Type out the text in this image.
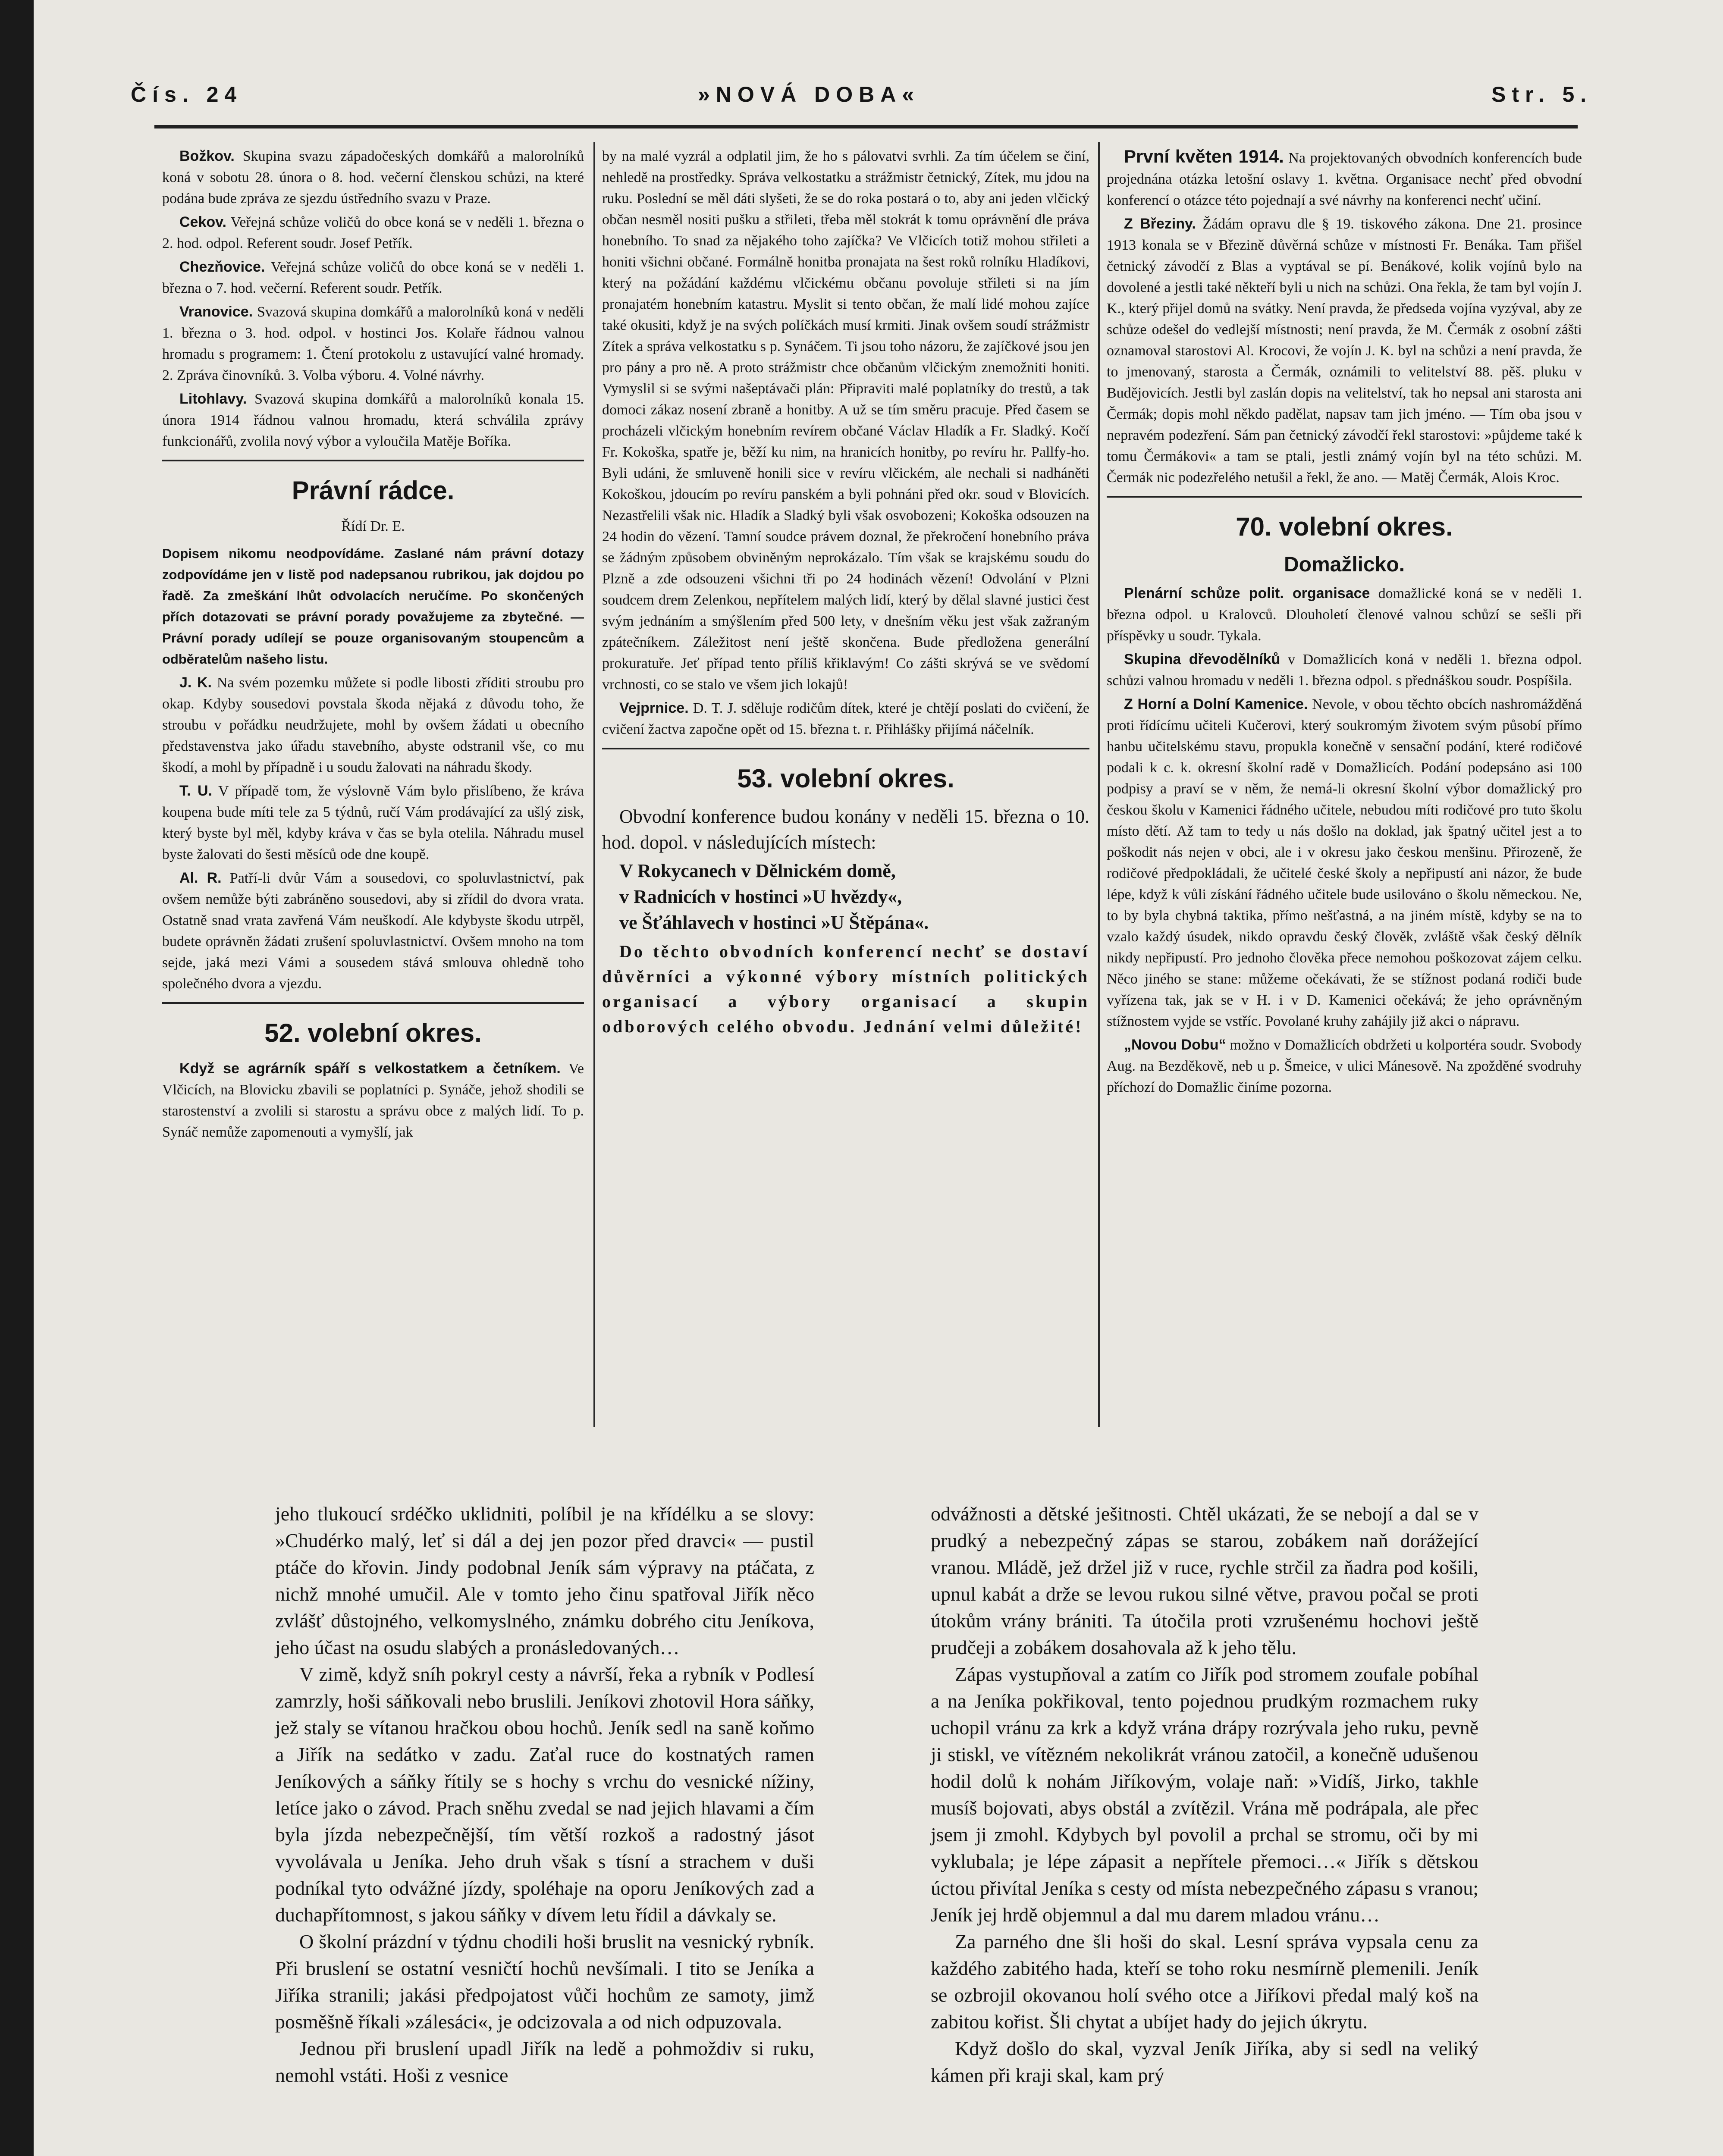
Čís. 24	»NOVÁ DOBA«	Str. 5.

Božkov. Skupina svazu západočeských domkářů a malorolníků koná v sobotu 28. února o 8. hod. večerní členskou schůzi, na které podána bude zpráva ze sjezdu ústředního svazu v Praze.

Cekov. Veřejná schůze voličů do obce koná se v neděli 1. března o 2. hod. odpol. Referent soudr. Josef Petřík.

Chezňovice. Veřejná schůze voličů do obce koná se v neděli 1. března o 7. hod. večerní. Referent soudr. Petřík.

Vranovice. Svazová skupina domkářů a malorolníků koná v neděli 1. března o 3. hod. odpol. v hostinci Jos. Kolaře řádnou valnou hromadu s programem: 1. Čtení protokolu z ustavující valné hromady. 2. Zpráva činovníků. 3. Volba výboru. 4. Volné návrhy.

Litohlavy. Svazová skupina domkářů a malorolníků konala 15. února 1914 řádnou valnou hromadu, která schválila zprávy funkcionářů, zvolila nový výbor a vyloučila Matěje Boříka.

Právní rádce.
Řídí Dr. E.

Dopisem nikomu neodpovídáme. Zaslané nám právní dotazy zodpovídáme jen v listě pod nadepsanou rubrikou, jak dojdou po řadě. Za zmeškání lhůt odvolacích neručíme. Po skončených přích dotazovati se právní porady považujeme za zbytečné. — Právní porady udílejí se pouze organisovaným stoupencům a odběratelům našeho listu.

J. K. Na svém pozemku můžete si podle libosti zříditi stroubu pro okap. Kdyby sousedovi povstala škoda nějaká z důvodu toho, že stroubu v pořádku neudržujete, mohl by ovšem žádati u obecního představenstva jako úřadu stavebního, abyste odstranil vše, co mu škodí, a mohl by případně i u soudu žalovati na náhradu škody.

T. U. V případě tom, že výslovně Vám bylo přislíbeno, že kráva koupena bude míti tele za 5 týdnů, ručí Vám prodávající za ušlý zisk, který byste byl měl, kdyby kráva v čas se byla otelila. Náhradu musel byste žalovati do šesti měsíců ode dne koupě.

Al. R. Patří-li dvůr Vám a sousedovi, co spoluvlastnictví, pak ovšem nemůže býti zabráněno sousedovi, aby si zřídil do dvora vrata. Ostatně snad vrata zavřená Vám neuškodí. Ale kdybyste škodu utrpěl, budete oprávněn žádati zrušení spoluvlastnictví. Ovšem mnoho na tom sejde, jaká mezi Vámi a sousedem stává smlouva ohledně toho společného dvora a vjezdu.

52. volební okres.

Když se agrárník spáří s velkostatkem a četníkem. Ve Vlčicích, na Blovicku zbavili se poplatníci p. Synáče, jehož shodili se starostenství a zvolili si starostu a správu obce z malých lidí. To p. Synáč nemůže zapomenouti a vymyšlí, jak

by na malé vyzrál a odplatil jim, že ho s pálovatvi svrhli. Za tím účelem se činí, nehledě na prostředky. Správa velkostatku a strážmistr četnický, Zítek, mu jdou na ruku. Poslední se měl dáti slyšeti, že se do roka postará o to, aby ani jeden vlčický občan nesměl nositi pušku a střileti, třeba měl stokrát k tomu oprávnění dle práva honebního. To snad za nějakého toho zajíčka? Ve Vlčicích totiž mohou střileti a honiti všichni občané. Formálně honitba pronajata na šest roků rolníku Hladíkovi, který na požádání každému vlčickému občanu povoluje střileti si na jím pronajatém honebním katastru. Myslit si tento občan, že malí lidé mohou zajíce také okusiti, když je na svých políčkách musí krmiti. Jinak ovšem soudí strážmistr Zítek a správa velkostatku s p. Synáčem. Ti jsou toho názoru, že zajíčkové jsou jen pro pány a pro ně. A proto strážmistr chce občanům vlčickým znemožniti honiti. Vymyslil si se svými našeptávači plán: Připraviti malé poplatníky do trestů, a tak domoci zákaz nosení zbraně a honitby. A už se tím směru pracuje. Před časem se procházeli vlčickým honebním revírem občané Václav Hladík a Fr. Sladký. Kočí Fr. Kokoška, spatře je, běží ku nim, na hranicích honitby, po revíru hr. Pallfy-ho. Byli udáni, že smluveně honili sice v revíru vlčickém, ale nechali si nadháněti Kokoškou, jdoucím po revíru panském a byli pohnáni před okr. soud v Blovicích. Nezastřelili však nic. Hladík a Sladký byli však osvobozeni; Kokoška odsouzen na 24 hodin do vězení. Tamní soudce právem doznal, že překročení honebního práva se žádným způsobem obviněným neprokázalo. Tím však se krajskému soudu do Plzně a zde odsouzeni všichni tři po 24 hodinách vězení! Odvolání v Plzni soudcem drem Zelenkou, nepřítelem malých lidí, který by dělal slavné justici čest svým jednáním a smýšlením před 500 lety, v dnešním věku jest však zažraným zpátečníkem. Záležitost není ještě skončena. Bude předložena generální prokuratuře. Jeť případ tento příliš křiklavým! Co zášti skrývá se ve svědomí vrchnosti, co se stalo ve všem jich lokajů!

Vejprnice. D. T. J. sděluje rodičům dítek, které je chtějí poslati do cvičení, že cvičení žactva započne opět od 15. března t. r. Přihlášky přijímá náčelník.

53. volební okres.

Obvodní konference budou konány v neděli 15. března o 10. hod. dopol. v následujících místech:

V Rokycanech v Dělnickém domě,
v Radnicích v hostinci »U hvězdy«,
ve Šťáhlavech v hostinci »U Štěpána«.

Do těchto obvodních konferencí nechť se dostaví důvěrníci a výkonné výbory místních politických organisací a výbory organisací a skupin odborových celého obvodu. Jednání velmi důležité!

První květen 1914. Na projektovaných obvodních konferencích bude projednána otázka letošní oslavy 1. května. Organisace nechť před obvodní konferencí o otázce této pojednají a své návrhy na konferenci nechť učiní.

Z Březiny. Žádám opravu dle § 19. tiskového zákona. Dne 21. prosince 1913 konala se v Březině důvěrná schůze v místnosti Fr. Benáka. Tam přišel četnický závodčí z Blas a vyptával se pí. Benákové, kolik vojínů bylo na dovolené a jestli také někteří byli u nich na schůzi. Ona řekla, že tam byl vojín J. K., který přijel domů na svátky. Není pravda, že předseda vojína vyzýval, aby ze schůze odešel do vedlejší místnosti; není pravda, že M. Čermák z osobní zášti oznamoval starostovi Al. Krocovi, že vojín J. K. byl na schůzi a není pravda, že to jmenovaný, starosta a Čermák, oznámili to velitelství 88. pěš. pluku v Budějovicích. Jestli byl zaslán dopis na velitelství, tak ho nepsal ani starosta ani Čermák; dopis mohl někdo padělat, napsav tam jich jméno. — Tím oba jsou v nepravém podezření. Sám pan četnický závodčí řekl starostovi: »půjdeme také k tomu Čermákovi« a tam se ptali, jestli známý vojín byl na této schůzi. M. Čermák nic podezřelého netušil a řekl, že ano. — Matěj Čermák, Alois Kroc.

70. volební okres.
Domažlicko.

Plenární schůze polit. organisace domažlické koná se v neděli 1. března odpol. u Kralovců. Dlouholetí členové valnou schůzí se sešli při příspěvky u soudr. Tykala.

Skupina dřevodělníků v Domažlicích koná v neděli 1. března odpol. schůzi valnou hromadu v neděli 1. března odpol. s přednáškou soudr. Pospíšila.

Z Horní a Dolní Kamenice. Nevole, v obou těchto obcích nashromážděná proti řídícímu učiteli Kučerovi, který soukromým životem svým působí přímo hanbu učitelskému stavu, propukla konečně v sensační podání, které rodičové podali k c. k. okresní školní radě v Domažlicích. Podání podepsáno asi 100 podpisy a praví se v něm, že nemá-li okresní školní výbor domažlický pro českou školu v Kamenici řádného učitele, nebudou míti rodičové pro tuto školu místo dětí. Až tam to tedy u nás došlo na doklad, jak špatný učitel jest a to poškodit nás nejen v obci, ale i v okresu jako českou menšinu. Přirozeně, že rodičové předpokládali, že učitelé české školy a nepřipustí ani názor, že bude lépe, když k vůli získání řádného učitele bude usilováno o školu německou. Ne, to by byla chybná taktika, přímo nešťastná, a na jiném místě, kdyby se na to vzalo každý úsudek, nikdo opravdu český člověk, zvláště však český dělník nikdy nepřipustí. Pro jednoho člověka přece nemohou poškozovat zájem celku. Něco jiného se stane: můžeme očekávati, že se stížnost podaná rodiči bude vyřízena tak, jak se v H. i v D. Kamenici očekává; že jeho oprávněným stížnostem vyjde se vstříc. Povolané kruhy zahájily již akci o nápravu.

„Novou Dobu“ možno v Domažlicích obdržeti u kolportéra soudr. Svobody Aug. na Bezděkově, neb u p. Šmeice, v ulici Mánesově. Na zpožděné svodruhy příchozí do Domažlic činíme pozorna.

jeho tlukoucí srdéčko uklidniti, políbil je na křídélku a se slovy: »Chudérko malý, leť si dál a dej jen pozor před dravci« — pustil ptáče do křovin. Jindy podobnal Jeník sám výpravy na ptáčata, z nichž mnohé umučil. Ale v tomto jeho činu spatřoval Jiřík něco zvlášť důstojného, velkomyslného, známku dobrého citu Jeníkova, jeho účast na osudu slabých a pronásledovaných…

V zimě, když sníh pokryl cesty a návrší, řeka a rybník v Podlesí zamrzly, hoši sáňkovali nebo bruslili. Jeníkovi zhotovil Hora sáňky, jež staly se vítanou hračkou obou hochů. Jeník sedl na saně koňmo a Jiřík na sedátko v zadu. Zaťal ruce do kostnatých ramen Jeníkových a sáňky řítily se s hochy s vrchu do vesnické nížiny, letíce jako o závod. Prach sněhu zvedal se nad jejich hlavami a čím byla jízda nebezpečnější, tím větší rozkoš a radostný jásot vyvolávala u Jeníka. Jeho druh však s tísní a strachem v duši podníkal tyto odvážné jízdy, spoléhaje na oporu Jeníkových zad a duchapřítomnost, s jakou sáňky v dívem letu řídil a dávkaly se.

O školní prázdní v týdnu chodili hoši bruslit na vesnický rybník. Při bruslení se ostatní vesničtí hochů nevšímali. I tito se Jeníka a Jiříka stranili; jakási předpojatost vůči hochům ze samoty, jimž posměšně říkali »zálesáci«, je odcizovala a od nich odpuzovala.

Jednou při bruslení upadl Jiřík na ledě a pohmoždiv si ruku, nemohl vstáti. Hoši z vesnice

odvážnosti a dětské ješitnosti. Chtěl ukázati, že se nebojí a dal se v prudký a nebezpečný zápas se starou, zobákem naň dorážející vranou. Mládě, jež držel již v ruce, rychle strčil za ňadra pod košili, upnul kabát a drže se levou rukou silné větve, pravou počal se proti útokům vrány brániti. Ta útočila proti vzrušenému hochovi ještě prudčeji a zobákem dosahovala až k jeho tělu.

Zápas vystupňoval a zatím co Jiřík pod stromem zoufale pobíhal a na Jeníka pokřikoval, tento pojednou prudkým rozmachem ruky uchopil vránu za krk a když vrána drápy rozrývala jeho ruku, pevně ji stiskl, ve vítězném nekolikrát vránou zatočil, a konečně udušenou hodil dolů k nohám Jiříkovým, volaje naň: »Vidíš, Jirko, takhle musíš bojovati, abys obstál a zvítězil. Vrána mě podrápala, ale přec jsem ji zmohl. Kdybych byl povolil a prchal se stromu, oči by mi vyklubala; je lépe zápasit a nepřítele přemoci…« Jiřík s dětskou úctou přivítal Jeníka s cesty od místa nebezpečného zápasu s vranou; Jeník jej hrdě objemnul a dal mu darem mladou vránu…

Za parného dne šli hoši do skal. Lesní správa vypsala cenu za každého zabitého hada, kteří se toho roku nesmírně plemenili. Jeník se ozbrojil okovanou holí svého otce a Jiříkovi předal malý koš na zabitou kořist. Šli chytat a ubíjet hady do jejich úkrytu.

Když došlo do skal, vyzval Jeník Jiříka, aby si sedl na veliký kámen při kraji skal, kam prý
